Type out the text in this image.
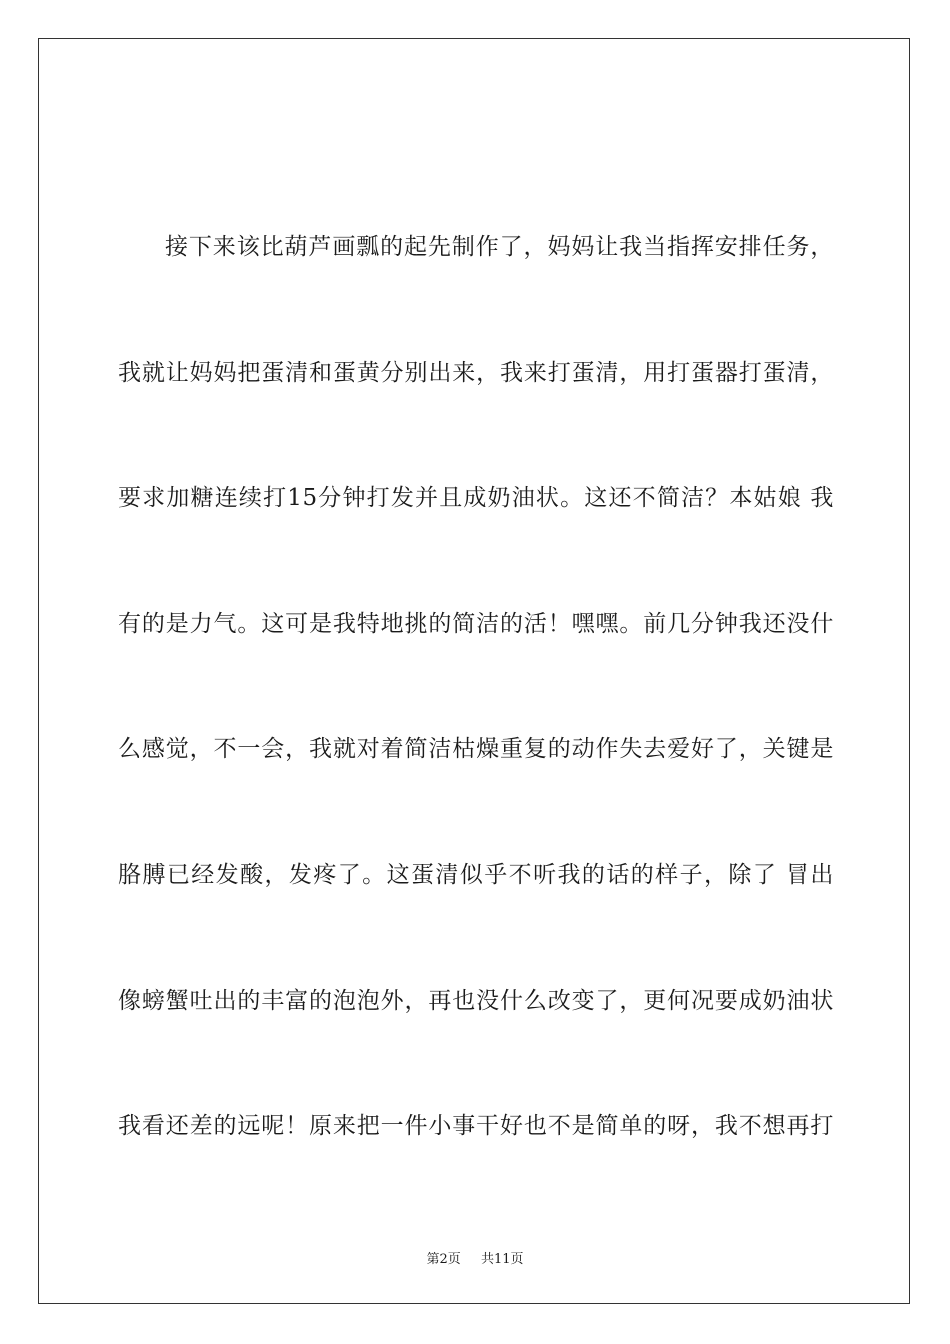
接下来该比葫芦画瓢的起先制作了，妈妈让我当指挥安排任务，
我就让妈妈把蛋清和蛋黄分别出来，我来打蛋清，用打蛋器打蛋清，
要求加糖连续打15分钟打发并且成奶油状。这还不简洁？本姑娘 我
有的是力气。这可是我特地挑的简洁的活！嘿嘿。前几分钟我还没什
么感觉，不一会，我就对着简洁枯燥重复的动作失去爱好了，关键是
胳膊已经发酸，发疼了。这蛋清似乎不听我的话的样子，除了 冒出
像螃蟹吐出的丰富的泡泡外，再也没什么改变了，更何况要成奶油状
我看还差的远呢！原来把一件小事干好也不是简单的呀，我不想再打
第2页 共11页
